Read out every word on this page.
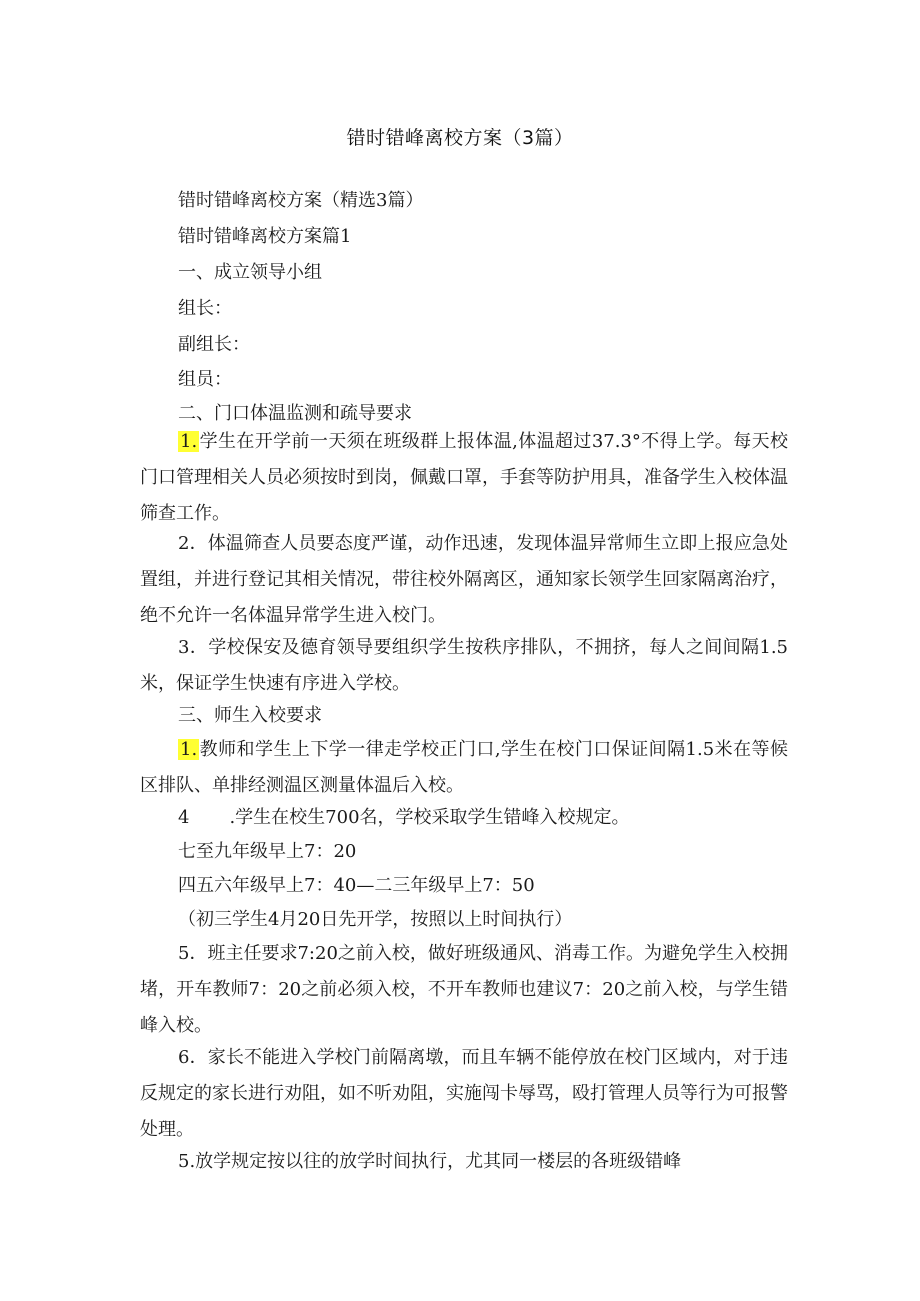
错时错峰离校方案（3篇）
错时错峰离校方案（精选3篇）
错时错峰离校方案篇1
一、成立领导小组
组长：
副组长：
组员：
二、门口体温监测和疏导要求
1. 学生在开学前一天须在班级群上报体温,体温超过37.3°不得上学。每天校门口管理相关人员必须按时到岗，佩戴口罩，手套等防护用具，准备学生入校体温筛查工作。
2．体温筛查人员要态度严谨，动作迅速，发现体温异常师生立即上报应急处置组，并进行登记其相关情况，带往校外隔离区，通知家长领学生回家隔离治疗，绝不允许一名体温异常学生进入校门。
3．学校保安及德育领导要组织学生按秩序排队，不拥挤，每人之间间隔1.5米，保证学生快速有序进入学校。
三、师生入校要求
1. 教师和学生上下学一律走学校正门口,学生在校门口保证间隔1.5米在等候区排队、单排经测温区测量体温后入校。
4 .学生在校生700名，学校采取学生错峰入校规定。
七至九年级早上7：20
四五六年级早上7：40—二三年级早上7：50
（初三学生4月20日先开学，按照以上时间执行）
5．班主任要求7:20之前入校，做好班级通风、消毒工作。为避免学生入校拥堵，开车教师7：20之前必须入校，不开车教师也建议7：20之前入校，与学生错峰入校。
6．家长不能进入学校门前隔离墩，而且车辆不能停放在校门区域内，对于违反规定的家长进行劝阻，如不听劝阻，实施闯卡辱骂，殴打管理人员等行为可报警处理。
5.放学规定按以往的放学时间执行，尤其同一楼层的各班级错峰
